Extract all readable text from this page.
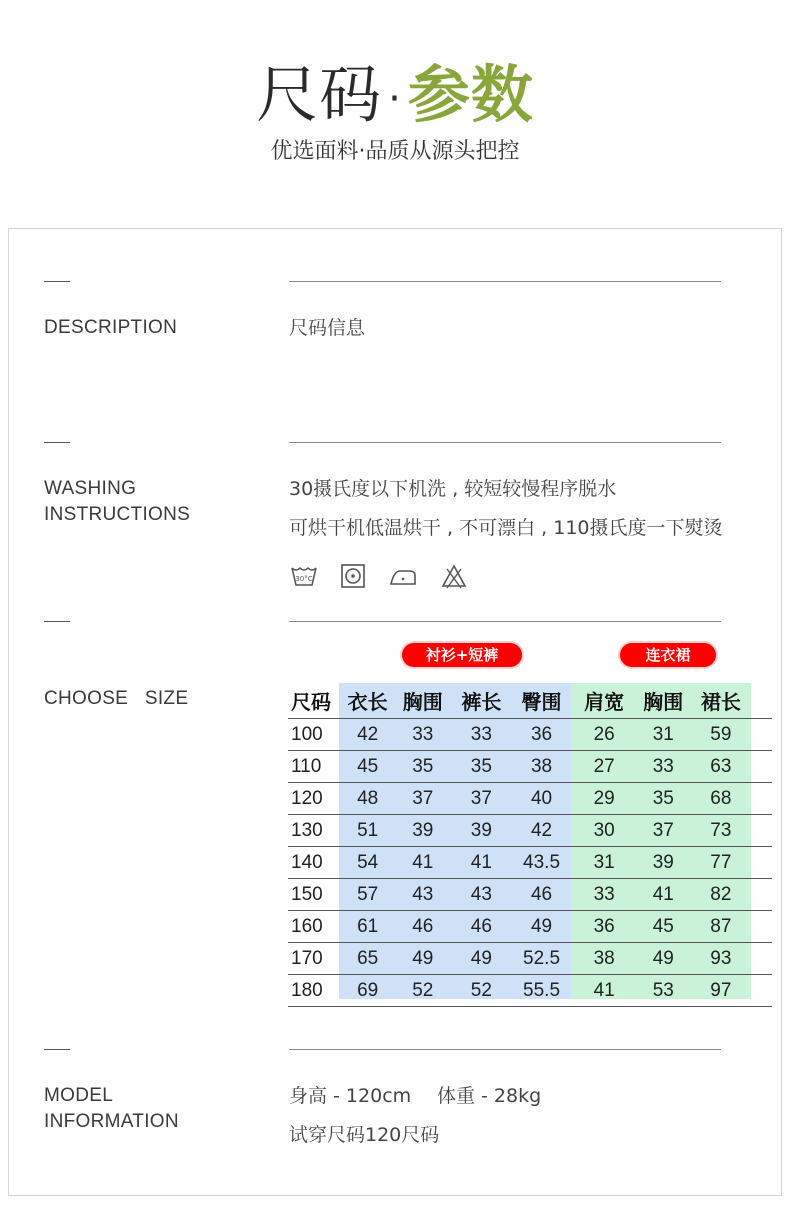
尺码 ·参数
优选面料·品质从源头把控
DESCRIPTION	尺码信息
WASHING
INSTRUCTIONS
30摄氏度以下机洗 , 较短较慢程序脱水
可烘干机低温烘干 , 不可漂白 , 110摄氏度一下熨烫
30°C
CHOOSE   SIZE
衬衫+短裤	连衣裙
尺码	衣长	胸围	裤长	臀围	肩宽	胸围	裙长	
100	42	33	33	36	26	31	59	
110	45	35	35	38	27	33	63	
120	48	37	37	40	29	35	68	
130	51	39	39	42	30	37	73	
140	54	41	41	43.5	31	39	77	
150	57	43	43	46	33	41	82	
160	61	46	46	49	36	45	87	
170	65	49	49	52.5	38	49	93	
180	69	52	52	55.5	41	53	97	
MODEL
INFORMATION
身高 - 120cm 体重 - 28kg
试穿尺码120尺码
